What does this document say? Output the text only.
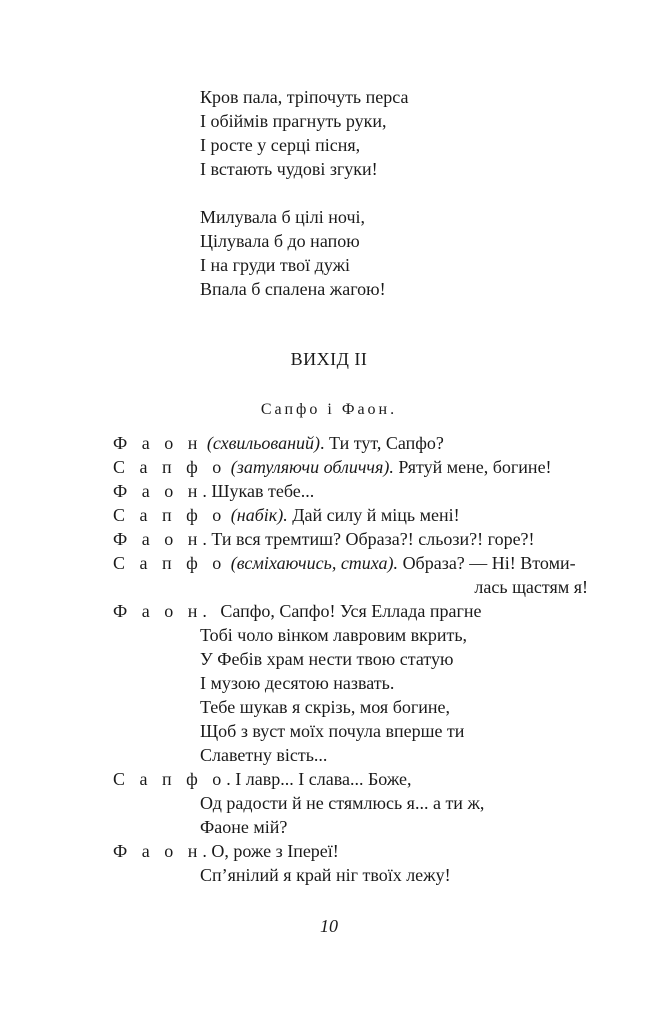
Кров пала, тріпочуть перса
І обіймів прагнуть руки,
І росте у серці пісня,
І встають чудові згуки!
Милувала б цілі ночі,
Цілувала б до напою
І на груди твої дужі
Впала б спалена жагою!
ВИХІД II
Сапфо і Фаон.
Ф а о н (схвильований). Ти тут, Сапфо?
С а п ф о (затуляючи обличчя). Рятуй мене, богине!
Ф а о н. Шукав тебе...
С а п ф о (набік). Дай силу й міць мені!
Ф а о н. Ти вся тремтиш? Образа?! сльози?! горе?!
С а п ф о (всміхаючись, стиха). Образа? — Ні! Втоми-
лась щастям я!
Ф а о н.   Сапфо, Сапфо! Уся Еллада прагне
Тобі чоло вінком лавровим вкрить,
У Фебів храм нести твою статую
І музою десятою назвать.
Тебе шукав я скрізь, моя богине,
Щоб з вуст моїх почула вперше ти
Славетну вість...
С а п ф о. І лавр... І слава... Боже,
Од радости й не стямлюсь я... а ти ж,
Фаоне мій?
Ф а о н. О, роже з Іпереї!
Сп’янілий я край ніг твоїх лежу!
10
